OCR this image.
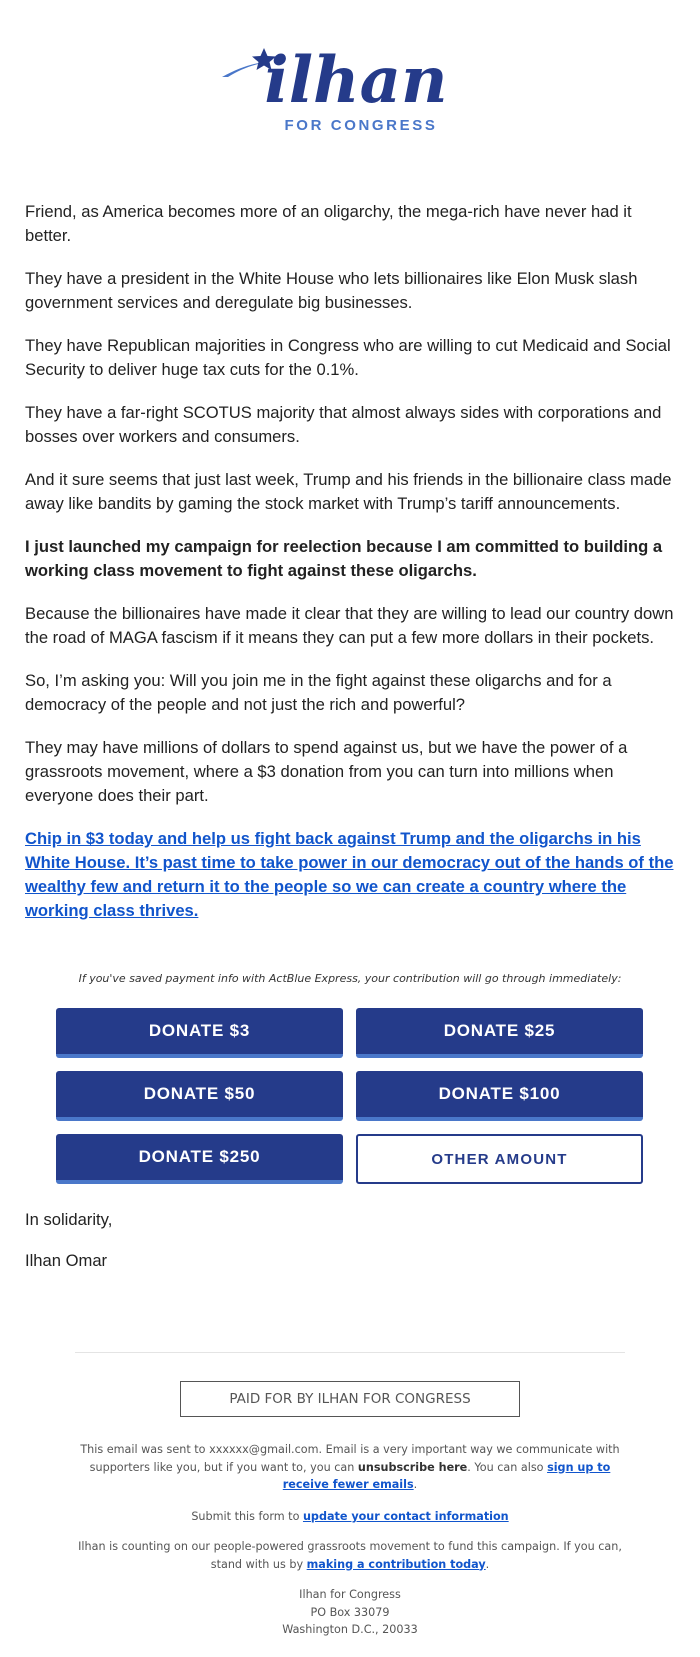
ilhan
FOR CONGRESS

Friend, as America becomes more of an oligarchy, the mega-rich have never had it better.

They have a president in the White House who lets billionaires like Elon Musk slash government services and deregulate big businesses.

They have Republican majorities in Congress who are willing to cut Medicaid and Social Security to deliver huge tax cuts for the 0.1%.

They have a far-right SCOTUS majority that almost always sides with corporations and bosses over workers and consumers.

And it sure seems that just last week, Trump and his friends in the billionaire class made away like bandits by gaming the stock market with Trump’s tariff announcements.

I just launched my campaign for reelection because I am committed to building a working class movement to fight against these oligarchs.

Because the billionaires have made it clear that they are willing to lead our country down the road of MAGA fascism if it means they can put a few more dollars in their pockets.

So, I’m asking you: Will you join me in the fight against these oligarchs and for a democracy of the people and not just the rich and powerful?

They may have millions of dollars to spend against us, but we have the power of a grassroots movement, where a $3 donation from you can turn into millions when everyone does their part.

Chip in $3 today and help us fight back against Trump and the oligarchs in his White House. It’s past time to take power in our democracy out of the hands of the wealthy few and return it to the people so we can create a country where the working class thrives.

If you've saved payment info with ActBlue Express, your contribution will go through immediately:
DONATE $3	DONATE $25
DONATE $50	DONATE $100
DONATE $250	OTHER AMOUNT
In solidarity,
Ilhan Omar
PAID FOR BY ILHAN FOR CONGRESS
This email was sent to xxxxxx@gmail.com. Email is a very important way we communicate with supporters like you, but if you want to, you can unsubscribe here. You can also sign up to receive fewer emails.
Submit this form to update your contact information
Ilhan is counting on our people-powered grassroots movement to fund this campaign. If you can, stand with us by making a contribution today.
Ilhan for Congress
PO Box 33079
Washington D.C., 20033
